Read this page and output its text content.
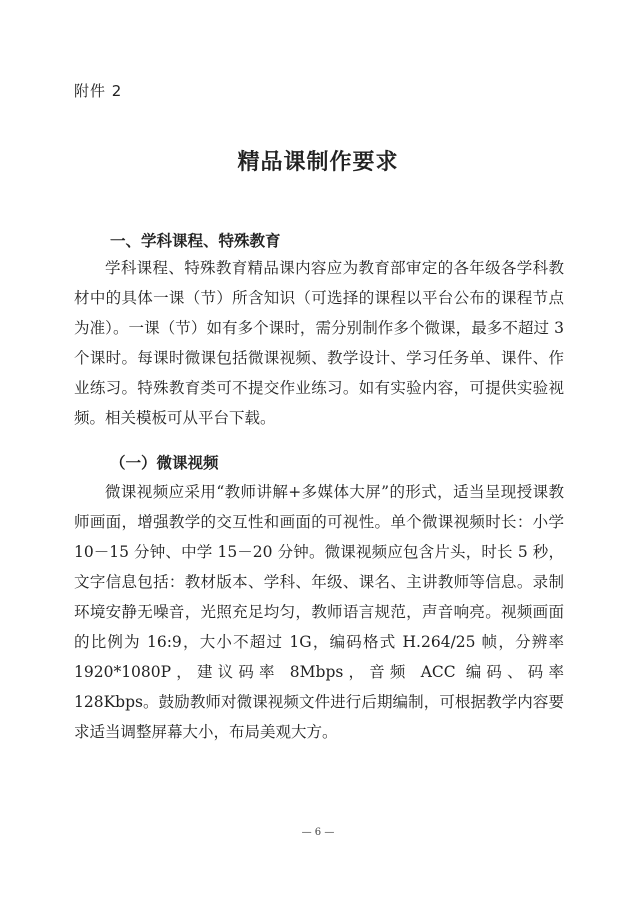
附件 2
精品课制作要求
一、学科课程、特殊教育

学科课程、特殊教育精品课内容应为教育部审定的各年级各学科教材中的具体一课（节）所含知识（可选择的课程以平台公布的课程节点为准）。一课（节）如有多个课时，需分别制作多个微课，最多不超过 3 个课时。每课时微课包括微课视频、教学设计、学习任务单、课件、作业练习。特殊教育类可不提交作业练习。如有实验内容，可提供实验视频。相关模板可从平台下载。

（一）微课视频

微课视频应采用“教师讲解+多媒体大屏”的形式，适当呈现授课教师画面，增强教学的交互性和画面的可视性。单个微课视频时长：小学 10－15 分钟、中学 15－20 分钟。微课视频应包含片头，时长 5 秒，文字信息包括：教材版本、学科、年级、课名、主讲教师等信息。录制环境安静无噪音，光照充足均匀，教师语言规范，声音响亮。视频画面的比例为 16:9，大小不超过 1G，编码格式 H.264/25 帧，分辨率 1920*1080P，建议码率 8Mbps，音频 ACC 编码、码率 128Kbps。鼓励教师对微课视频文件进行后期编制，可根据教学内容要求适当调整屏幕大小，布局美观大方。

— 6 —
